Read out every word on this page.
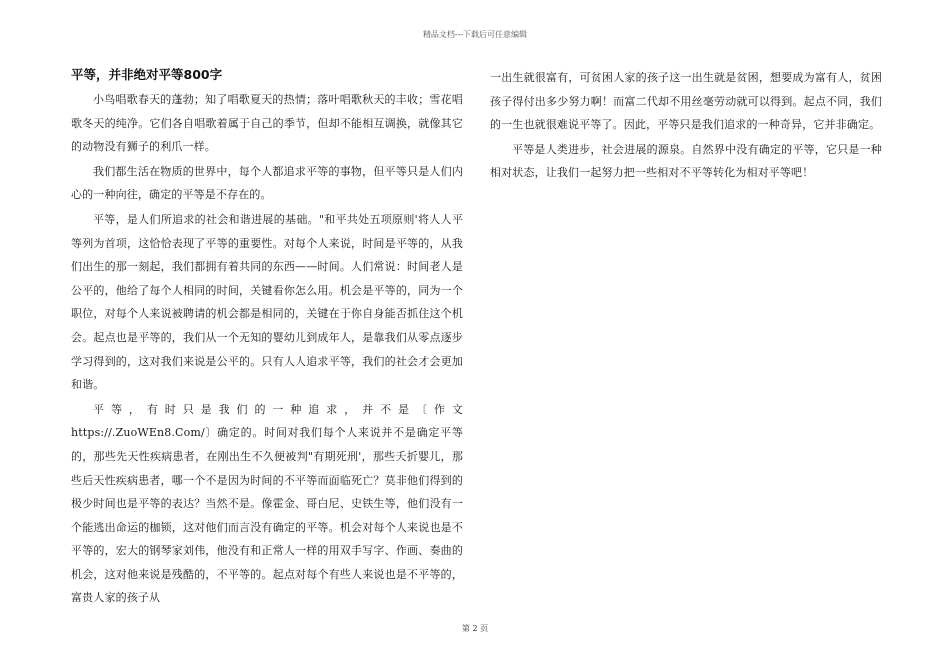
精品文档---下载后可任意编辑
平等，并非绝对平等800字

小鸟唱歌春天的蓬勃；知了唱歌夏天的热情；落叶唱歌秋天的丰收；雪花唱歌冬天的纯净。它们各自唱歌着属于自己的季节，但却不能相互调换，就像其它的动物没有狮子的利爪一样。

我们都生活在物质的世界中，每个人都追求平等的事物，但平等只是人们内心的一种向往，确定的平等是不存在的。

平等，是人们所追求的社会和谐进展的基础。"和平共处五项原则'将人人平等列为首项，这恰恰表现了平等的重要性。对每个人来说，时间是平等的，从我们出生的那一刻起，我们都拥有着共同的东西——时间。人们常说：时间老人是公平的，他给了每个人相同的时间，关键看你怎么用。机会是平等的，同为一个职位，对每个人来说被聘请的机会都是相同的，关键在于你自身能否抓住这个机会。起点也是平等的，我们从一个无知的婴幼儿到成年人，是靠我们从零点逐步学习得到的，这对我们来说是公平的。只有人人追求平等，我们的社会才会更加和谐。

平等，有时只是我们的一种追求，并不是〔作文https://.ZuoWEn8.Com/〕确定的。时间对我们每个人来说并不是确定平等的，那些先天性疾病患者，在刚出生不久便被判"有期死刑'，那些夭折婴儿，那些后天性疾病患者，哪一个不是因为时间的不平等而面临死亡？莫非他们得到的极少时间也是平等的表达？当然不是。像霍金、哥白尼、史铁生等，他们没有一个能逃出命运的枷锁，这对他们而言没有确定的平等。机会对每个人来说也是不平等的，宏大的钢琴家刘伟，他没有和正常人一样的用双手写字、作画、奏曲的机会，这对他来说是残酷的，不平等的。起点对每个有些人来说也是不平等的，富贵人家的孩子从

一出生就很富有，可贫困人家的孩子这一出生就是贫困，想要成为富有人，贫困孩子得付出多少努力啊！而富二代却不用丝毫劳动就可以得到。起点不同，我们的一生也就很难说平等了。因此，平等只是我们追求的一种奇异，它并非确定。

平等是人类进步，社会进展的源泉。自然界中没有确定的平等，它只是一种相对状态，让我们一起努力把一些相对不平等转化为相对平等吧！

第 2 页
